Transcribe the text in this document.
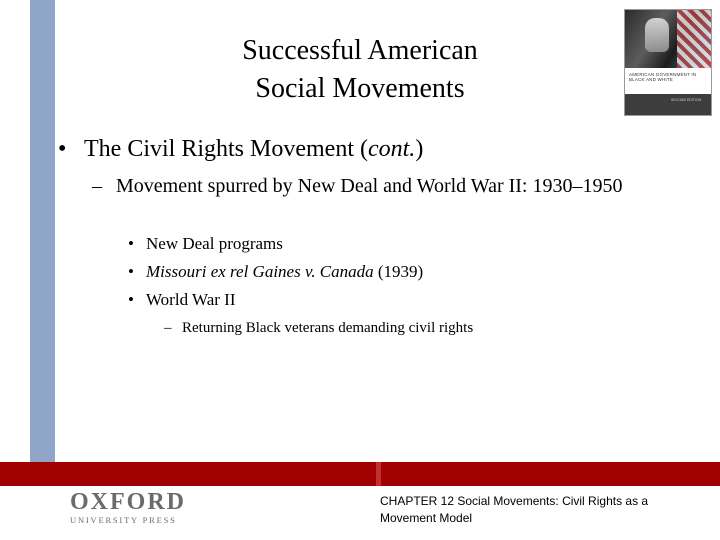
Successful American
Social Movements	AMERICAN GOVERNMENT IN BLACK AND WHITE
SECOND EDITION
• The Civil Rights Movement (cont.)
– Movement spurred by New Deal and World War II: 1930–1950
• New Deal programs
• Missouri ex rel Gaines v. Canada (1939)
• World War II
– Returning Black veterans demanding civil rights
OXFORD
UNIVERSITY PRESS
CHAPTER 12 Social Movements: Civil Rights as a
Movement Model
